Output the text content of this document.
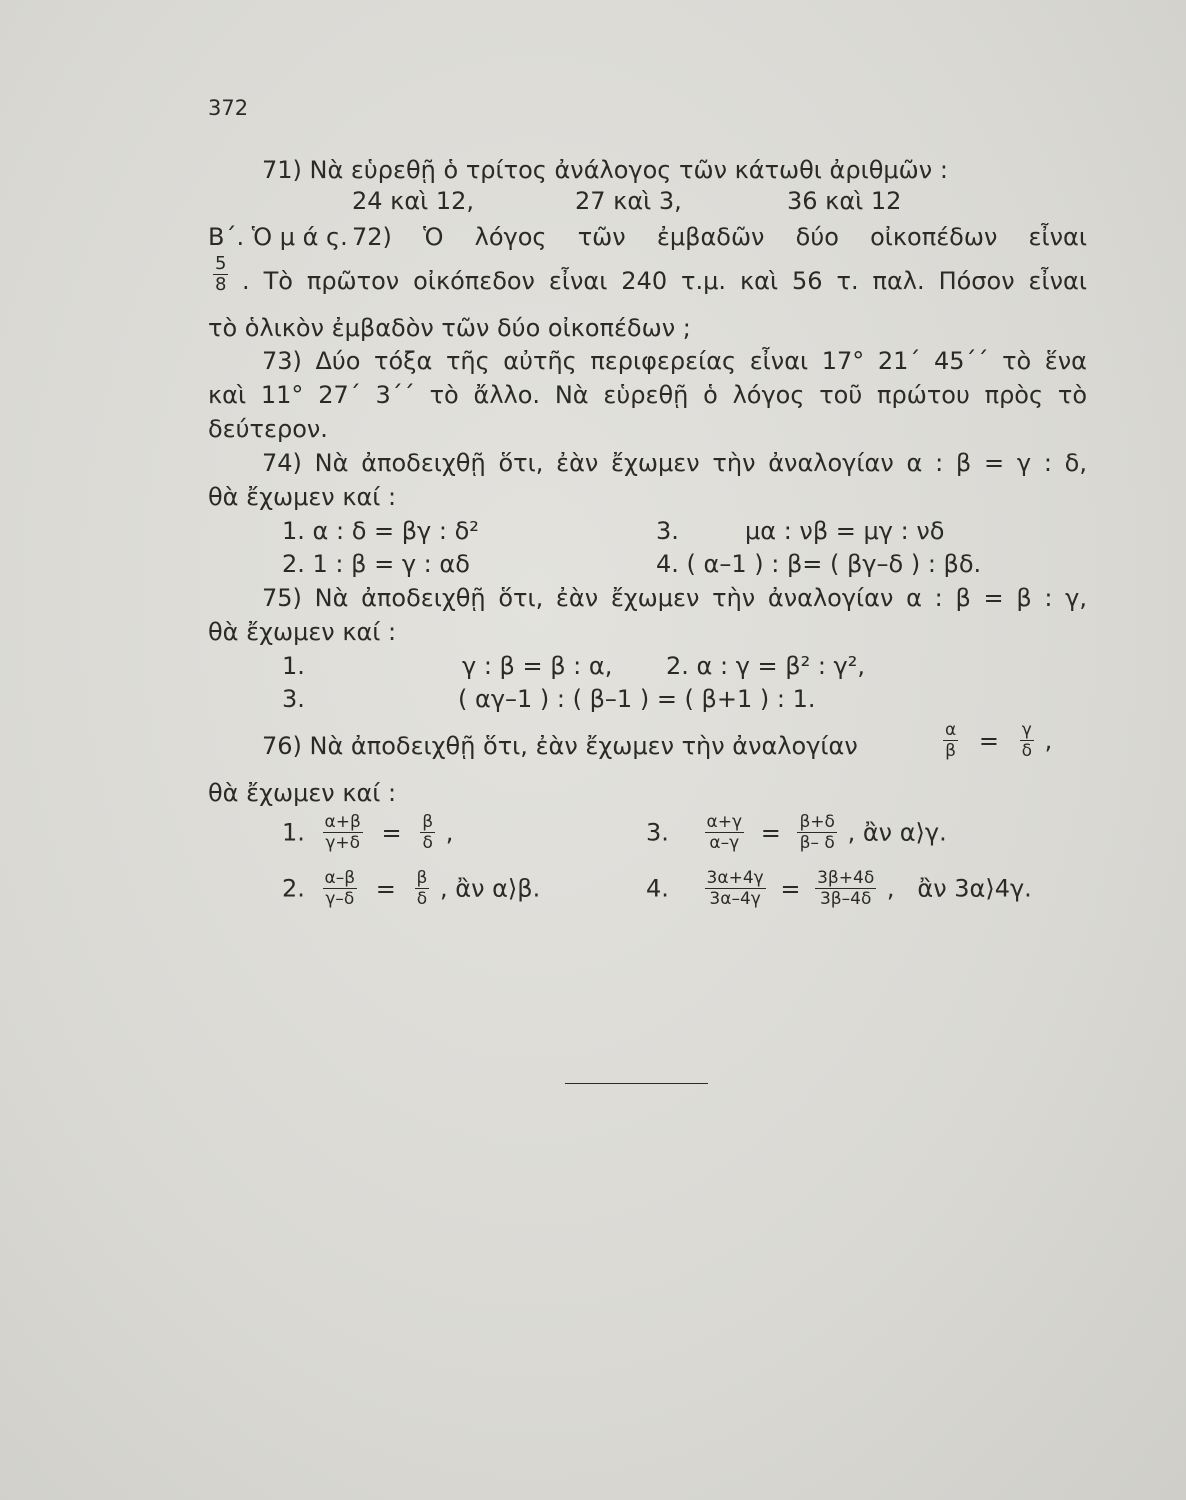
372
71) Νὰ εὑρεθῇ ὁ τρίτος ἀνάλογος τῶν κάτωθι ἀριθμῶν :
24 καὶ 12,	27 καὶ 3,	36 καὶ 12
Β΄. Ὁ μ ά ς. 72) Ὁ λόγος τῶν ἐμβαδῶν δύο οἰκοπέδων εἶναι
$\frac{5}{8}$ . Τὸ πρῶτον οἰκόπεδον εἶναι 240 τ.μ. καὶ 56 τ. παλ. Πόσον εἶναι
τὸ ὁλικὸν ἐμβαδὸν τῶν δύο οἰκοπέδων ;
73) Δύο τόξα τῆς αὐτῆς περιφερείας εἶναι 17° 21΄ 45΄΄ τὸ ἕνα
καὶ 11° 27΄ 3΄΄ τὸ ἄλλο. Νὰ εὑρεθῇ ὁ λόγος τοῦ πρώτου πρὸς τὸ
δεύτερον.
74) Νὰ ἀποδειχθῇ ὅτι, ἐὰν ἔχωμεν τὴν ἀναλογίαν α : β = γ : δ,
θὰ ἔχωμεν καί :
1. α : δ = βγ : δ²	3.	μα : νβ = μγ : νδ
2. 1 : β = γ : αδ	4. ( α–1 ) : β= ( βγ–δ ) : βδ.
75) Νὰ ἀποδειχθῇ ὅτι, ἐὰν ἔχωμεν τὴν ἀναλογίαν α : β = β : γ,
θὰ ἔχωμεν καί :
1.	γ : β = β : α, 2. α : γ = β² : γ²,
3.	( αγ–1 ) : ( β–1 ) = ( β+1 ) : 1.
76) Νὰ ἀποδειχθῇ ὅτι, ἐὰν ἔχωμεν τὴν ἀναλογίαν	$\frac{\alpha}{\beta} = \frac{\gamma}{\delta}$ ,
θὰ ἔχωμεν καί :
1. $\frac{\alpha+\beta}{\gamma+\delta} = \frac{\beta}{\delta}$ ,	3. $\frac{\alpha+\gamma}{\alpha-\gamma} = \frac{\beta+\delta}{\beta- \delta}$ , ἂν α⟩γ.
2. $\frac{\alpha-\beta}{\gamma-\delta} = \frac{\beta}{\delta}$ , ἂν α⟩β.	4. $\frac{3\alpha+4\gamma}{3\alpha-4\gamma} = \frac{3\beta+4\delta}{3\beta-4\delta}$ ,   ἂν 3α⟩4γ.
